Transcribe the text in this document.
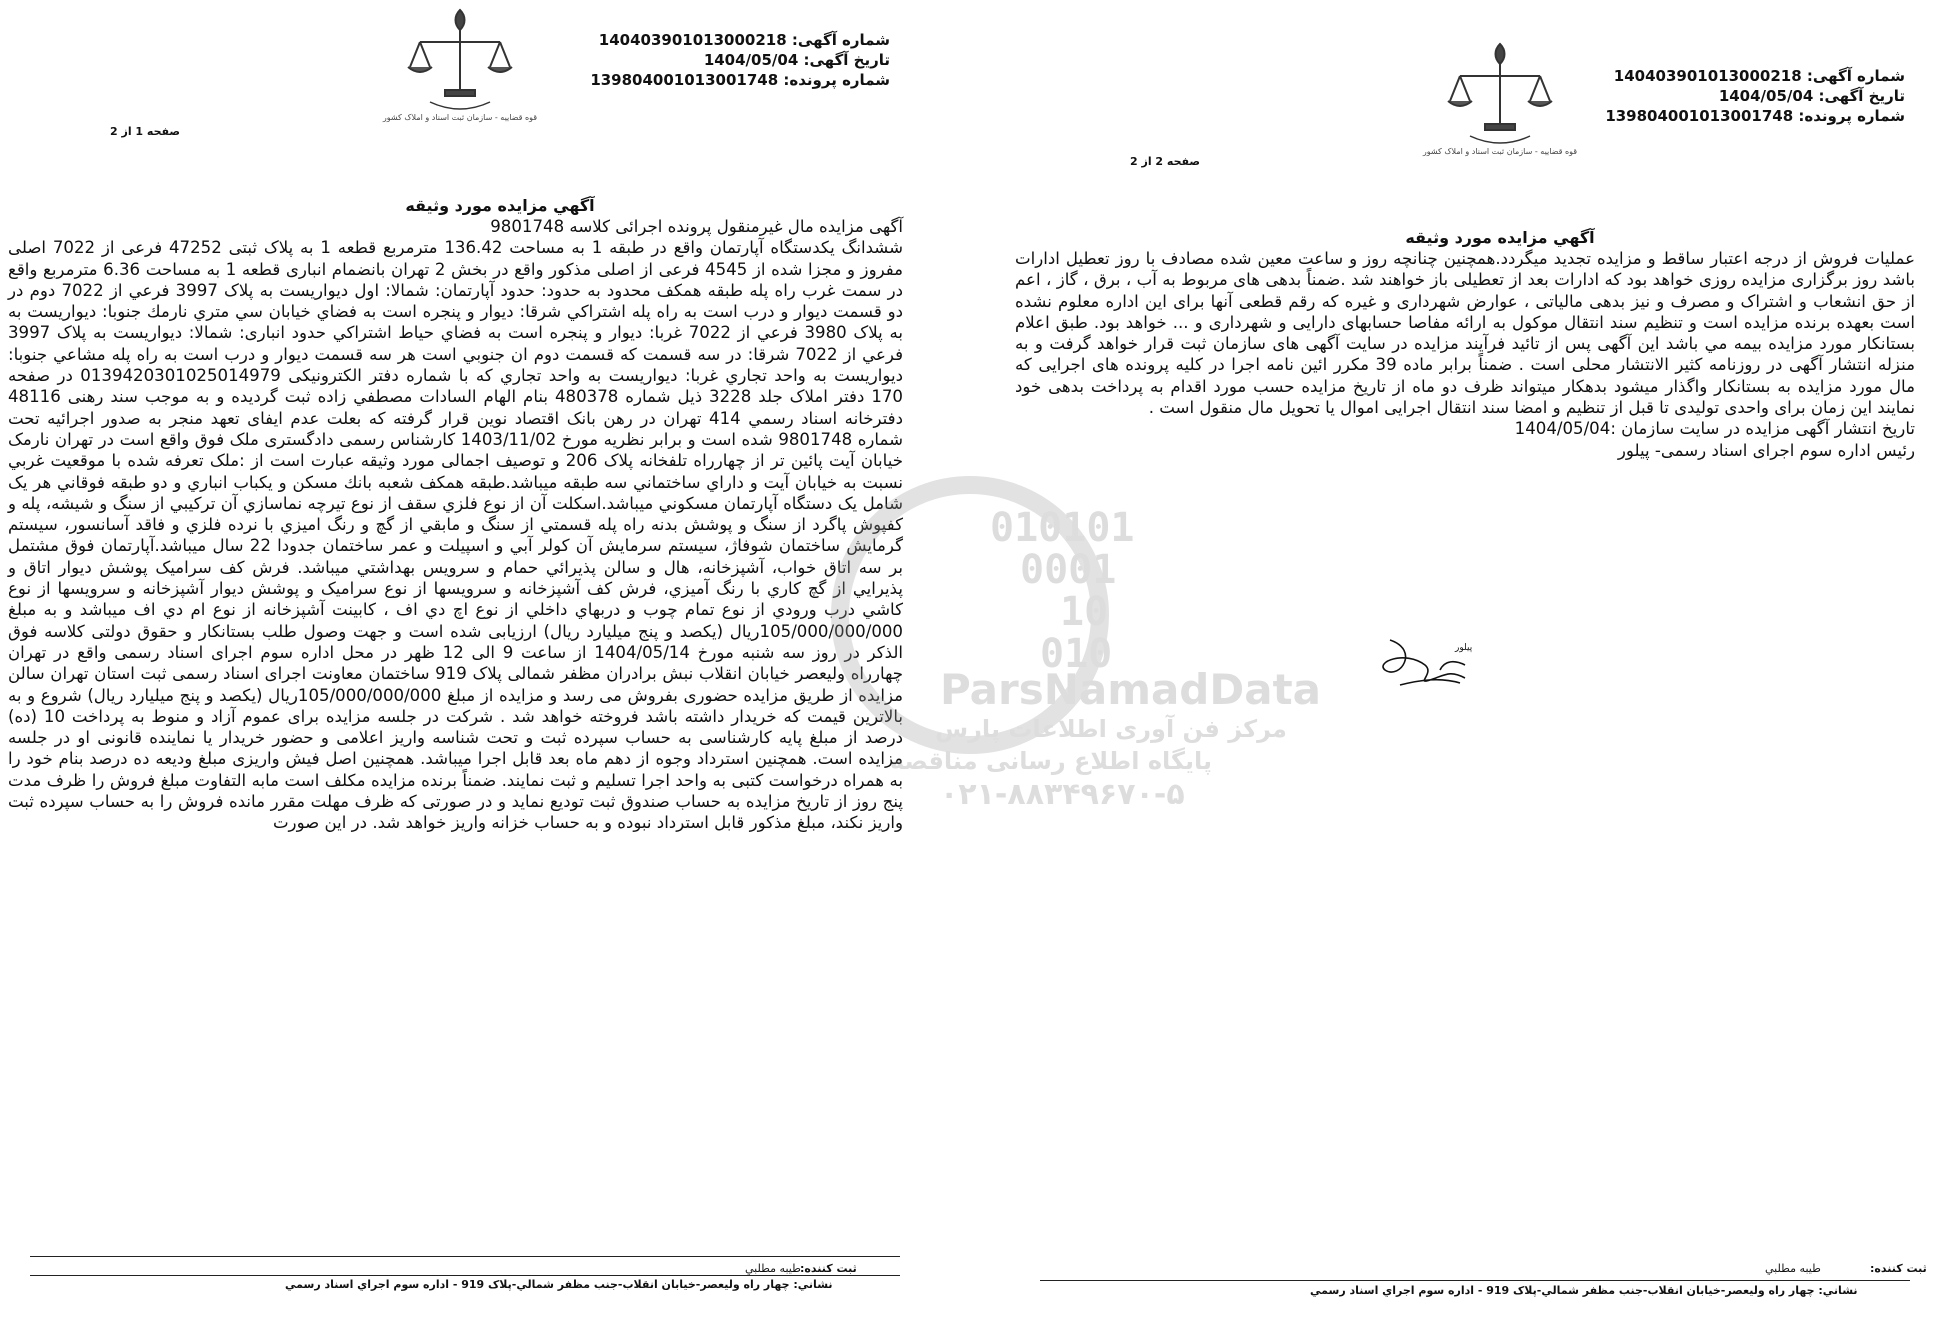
شماره آگهی: 140403901013000218
تاریخ آگهی: 1404/05/04
شماره پرونده: 139804001013001748
قوه قضاییه - سازمان ثبت اسناد و املاک کشور
صفحه 1 از 2
آگهي مزايده مورد وثيقه

آگهی مزایده مال غیرمنقول پرونده اجرائی کلاسه 9801748

ششدانگ یکدستگاه آپارتمان واقع در طبقه 1 به مساحت 136.42 مترمربع قطعه 1 به پلاک ثبتی 47252 فرعی از 7022 اصلی مفروز و مجزا شده از 4545 فرعی از اصلی مذکور واقع در بخش 2 تهران بانضمام انباری قطعه 1 به مساحت 6.36 مترمربع واقع در سمت غرب راه پله طبقه همکف محدود به حدود: حدود آپارتمان: شمالا: اول دیواریست به پلاک 3997 فرعي از 7022 دوم در دو قسمت دیوار و درب است به راه پله اشتراکي شرقا: دیوار و پنجره است به فضاي خيابان سي متري نارمك جنوبا: دیواریست به به پلاک 3980 فرعي از 7022 غربا: دیوار و پنجره است به فضاي حياط اشتراكي حدود انباری: شمالا: ديواريست به پلاک 3997 فرعي از 7022 شرقا: در سه قسمت كه قسمت دوم ان جنوبي است هر سه قسمت ديوار و درب است به راه پله مشاعي جنوبا: ديواريست به واحد تجاري غربا: ديواريست به واحد تجاري كه با شماره دفتر الکترونیکی 013942030102501497‬9 در صفحه 170 دفتر املاک جلد 3228 ذیل شماره 480378 بنام الهام السادات مصطفي زاده ثبت گردیده و به موجب سند رهنی 48116 دفترخانه اسناد رسمي 414 تهران در رهن بانک اقتصاد نوین قرار گرفته که بعلت عدم ایفای تعهد منجر به صدور اجرائیه تحت شماره 9801748 شده است و برابر نظریه مورخ 1403/11/02 کارشناس رسمی دادگستری ملک فوق واقع است در تهران نارمک خیابان آیت پائین تر از چهارراه تلفخانه پلاک 206 و توصیف اجمالی مورد وثیقه عبارت است از :ملک تعرفه شده با موقعیت غربي نسبت به خيابان آيت و داراي ساختماني سه طبقه ميباشد.طبقه همكف شعبه بانك مسكن و يكباب انباري و دو طبقه فوقاني هر يک شامل يک دستگاه آپارتمان مسکوني ميباشد.اسکلت آن از نوع فلزي سقف از نوع تيرچه نماسازي آن ترکيبي از سنگ و شيشه، پله و کفپوش پاگرد از سنگ و پوشش بدنه راه پله قسمتي از سنگ و مابقي از گچ و رنگ اميزي با نرده فلزي و فاقد آسانسور، سيستم گرمايش ساختمان شوفاژ، سيستم سرمايش آن کولر آبي و اسپيلت و عمر ساختمان جدودا 22 سال ميباشد.آپارتمان فوق مشتمل بر سه اتاق خواب، آشپزخانه، هال و سالن پذيرائي حمام و سرويس بهداشتي ميباشد. فرش کف سراميک پوشش ديوار اتاق و پذيرايي از گچ کاري با رنگ آميزي، فرش کف آشپزخانه و سرويسها از نوع سراميک و پوشش ديوار آشپزخانه و سرويسها از نوع کاشي درب ورودي از نوع تمام چوب و دربهاي داخلي از نوع اچ دي اف ، کابينت آشپزخانه از نوع ام دي اف ميباشد و به مبلغ 105/000/000/000ريال (يکصد و پنج ميليارد ريال) ارزيابی شده است و جهت وصول طلب بستانکار و حقوق دولتی کلاسه فوق الذکر در روز سه شنبه مورخ 1404/05/14 از ساعت 9 الی 12 ظهر در محل اداره سوم اجرای اسناد رسمی واقع در تهران چهارراه وليعصر خيابان انقلاب نبش برادران مظفر شمالی پلاک 919 ساختمان معاونت اجرای اسناد رسمی ثبت استان تهران سالن مزایده از طریق مزایده حضوری بفروش می رسد و مزایده از مبلغ 105/000/000/000ريال (يکصد و پنج ميليارد ريال) شروع و به بالاترین قیمت که خریدار داشته باشد فروخته خواهد شد . شرکت در جلسه مزایده برای عموم آزاد و منوط به پرداخت 10 (ده) درصد از مبلغ پایه کارشناسی به حساب سپرده ثبت و تحت شناسه واریز اعلامی و حضور خریدار یا نماینده قانونی او در جلسه مزایده است. همچنین استرداد وجوه از دهم ماه بعد قابل اجرا میباشد. همچنین اصل فیش واریزی مبلغ ودیعه ده درصد بنام خود را به همراه درخواست کتبی به واحد اجرا تسلیم و ثبت نمایند. ضمناً برنده مزایده مکلف است مابه التفاوت مبلغ فروش را ظرف مدت پنج روز از تاریخ مزایده به حساب صندوق ثبت تودیع نماید و در صورتی که ظرف مهلت مقرر مانده فروش را به حساب سپرده ثبت واریز نکند، مبلغ مذکور قابل استرداد نبوده و به حساب خزانه واریز خواهد شد. در این صورت

ثبت کننده:
طيبه مطلبي
نشاني: چهار راه وليعصر-خيابان انقلاب-جنب مظفر شمالي-پلاک 919 - اداره سوم اجراي اسناد رسمي
شماره آگهی: 140403901013000218
تاریخ آگهی: 1404/05/04
شماره پرونده: 139804001013001748
قوه قضاییه - سازمان ثبت اسناد و املاک کشور
صفحه 2 از 2
آگهي مزايده مورد وثيقه

عملیات فروش از درجه اعتبار ساقط و مزایده تجدید میگردد.همچنین چنانچه روز و ساعت معین شده مصادف با روز تعطیل ادارات باشد روز برگزاری مزایده روزی خواهد بود که ادارات بعد از تعطیلی باز خواهند شد .ضمناً بدهی های مربوط به آب ، برق ، گاز ، اعم از حق انشعاب و اشتراک و مصرف و نیز بدهی مالیاتی ، عوارض شهرداری و غیره که رقم قطعی آنها برای این اداره معلوم نشده است بعهده برنده مزایده است و تنظیم سند انتقال موکول به ارائه مفاصا حسابهای دارایی و شهرداری و ... خواهد بود. طبق اعلام بستانکار مورد مزایده بیمه مي باشد این آگهی پس از تائید فرآیند مزایده در سایت آگهی های سازمان ثبت قرار خواهد گرفت و به منزله انتشار آگهی در روزنامه کثیر الانتشار محلی است . ضمناً برابر ماده 39 مکرر ائین نامه اجرا در کلیه پرونده های اجرایی که مال مورد مزایده به بستانکار واگذار میشود بدهکار میتواند ظرف دو ماه از تاریخ مزایده حسب مورد اقدام به پرداخت بدهی خود نمایند این زمان برای واحدی تولیدی تا قبل از تنظیم و امضا سند انتقال اجرایی اموال یا تحویل مال منقول است .

تاریخ انتشار آگهی مزایده در سایت سازمان :1404/05/04

رئیس اداره سوم اجرای اسناد رسمی- پیلور

ثبت کننده:
طيبه مطلبي
نشاني: چهار راه وليعصر-خيابان انقلاب-جنب مظفر شمالي-پلاک 919 - اداره سوم اجراي اسناد رسمي
010101
0001
10
010
ParsNamadData
مرکز فن آوری اطلاعات پارس
پایگاه اطلاع رسانی مناقصه
۰۲۱-۸۸۳۴۹۶۷۰-۵
پیلور
